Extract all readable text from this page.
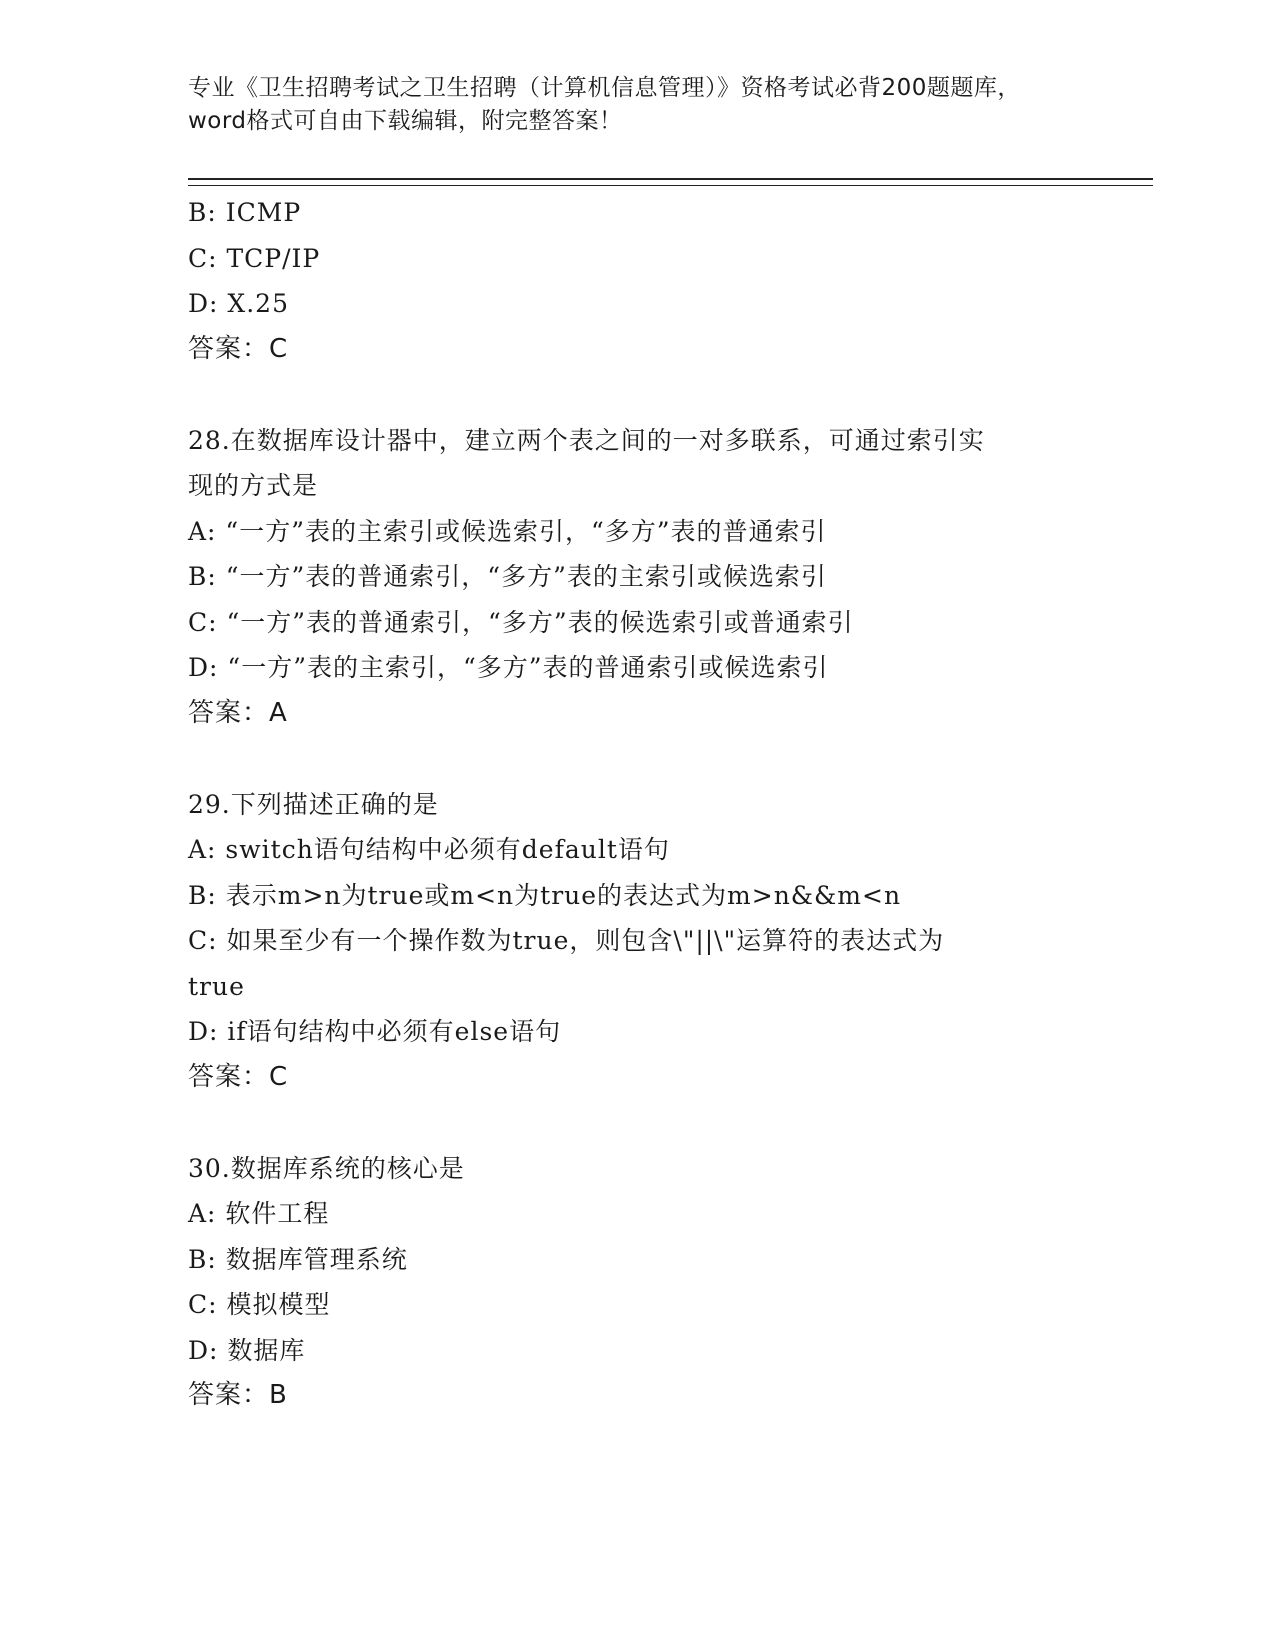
专业《卫生招聘考试之卫生招聘（计算机信息管理）》资格考试必背200题题库，
word格式可自由下载编辑，附完整答案！
B: ICMP
C: TCP/IP
D: X.25
答案：C
28.在数据库设计器中，建立两个表之间的一对多联系，可通过索引实
现的方式是
A: “一方”表的主索引或候选索引，“多方”表的普通索引
B: “一方”表的普通索引，“多方”表的主索引或候选索引
C: “一方”表的普通索引，“多方”表的候选索引或普通索引
D: “一方”表的主索引，“多方”表的普通索引或候选索引
答案：A
29.下列描述正确的是
A: switch语句结构中必须有default语句
B: 表示m>n为true或m<n为true的表达式为m>n&&m<n
C: 如果至少有一个操作数为true，则包含\"||\"运算符的表达式为
true
D: if语句结构中必须有else语句
答案：C
30.数据库系统的核心是
A: 软件工程
B: 数据库管理系统
C: 模拟模型
D: 数据库
答案：B
